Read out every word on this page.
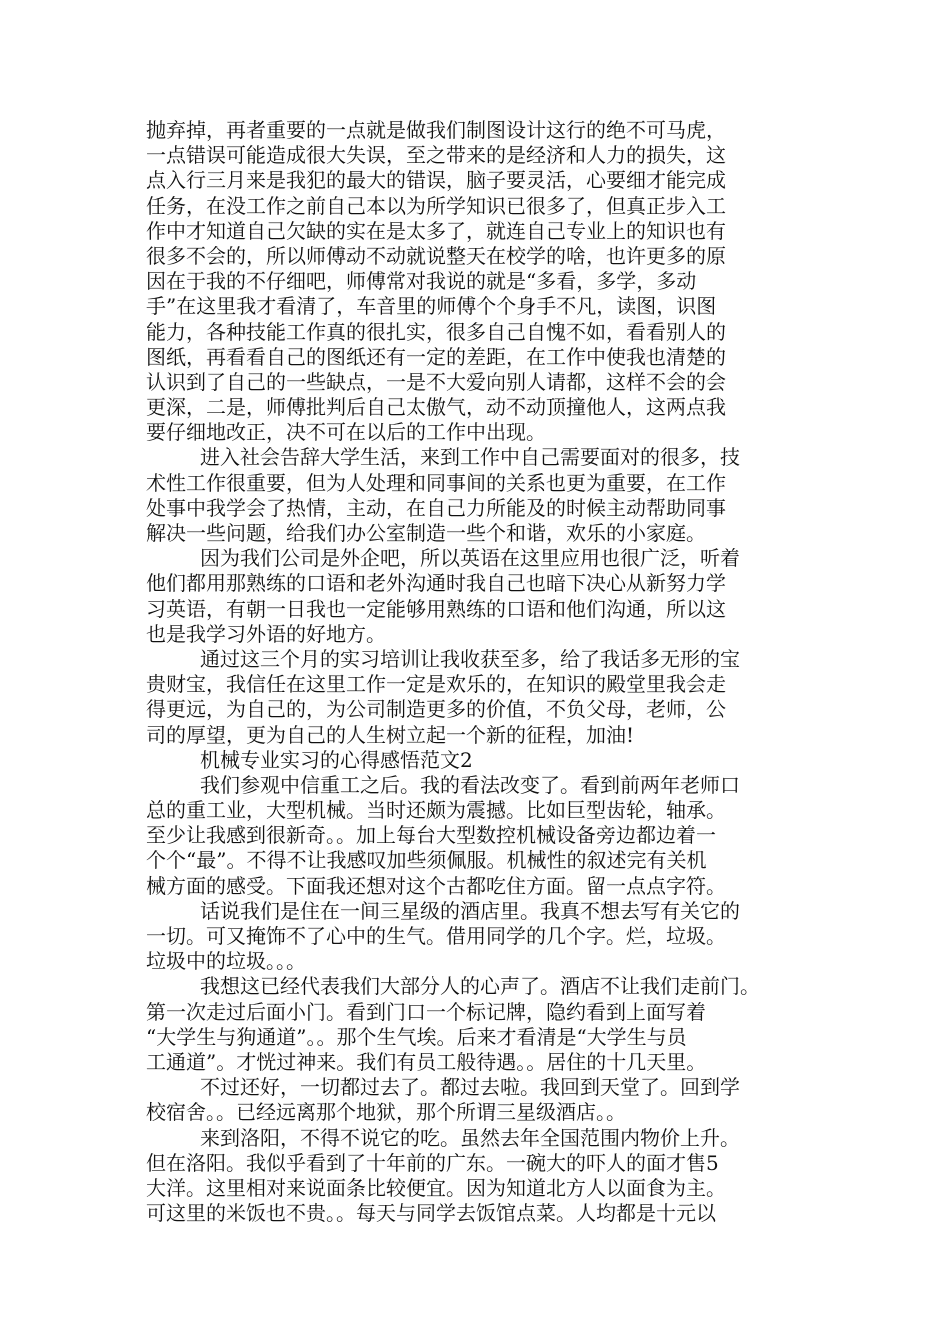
抛弃掉，再者重要的一点就是做我们制图设计这行的绝不可马虎，
一点错误可能造成很大失误，至之带来的是经济和人力的损失，这
点入行三月来是我犯的最大的错误，脑子要灵活，心要细才能完成
任务，在没工作之前自己本以为所学知识已很多了，但真正步入工
作中才知道自己欠缺的实在是太多了，就连自己专业上的知识也有
很多不会的，所以师傅动不动就说整天在校学的啥，也许更多的原
因在于我的不仔细吧，师傅常对我说的就是“多看，多学，多动
手”在这里我才看清了，车音里的师傅个个身手不凡，读图，识图
能力，各种技能工作真的很扎实，很多自己自愧不如，看看别人的
图纸，再看看自己的图纸还有一定的差距，在工作中使我也清楚的
认识到了自己的一些缺点，一是不大爱向别人请都，这样不会的会
更深，二是，师傅批判后自己太傲气，动不动顶撞他人，这两点我
要仔细地改正，决不可在以后的工作中出现。
进入社会告辞大学生活，来到工作中自己需要面对的很多，技
术性工作很重要，但为人处理和同事间的关系也更为重要，在工作
处事中我学会了热情，主动，在自己力所能及的时候主动帮助同事
解决一些问题，给我们办公室制造一些个和谐，欢乐的小家庭。
因为我们公司是外企吧，所以英语在这里应用也很广泛，听着
他们都用那熟练的口语和老外沟通时我自己也暗下决心从新努力学
习英语，有朝一日我也一定能够用熟练的口语和他们沟通，所以这
也是我学习外语的好地方。
通过这三个月的实习培训让我收获至多，给了我话多无形的宝
贵财宝，我信任在这里工作一定是欢乐的，在知识的殿堂里我会走
得更远，为自己的，为公司制造更多的价值，不负父母，老师，公
司的厚望，更为自己的人生树立起一个新的征程，加油!
机械专业实习的心得感悟范文2
我们参观中信重工之后。我的看法改变了。看到前两年老师口
总的重工业，大型机械。当时还颇为震撼。比如巨型齿轮，轴承。
至少让我感到很新奇。。加上每台大型数控机械设备旁边都边着一
个个“最”。不得不让我感叹加些须佩服。机械性的叙述完有关机
械方面的感受。下面我还想对这个古都吃住方面。留一点点字符。
话说我们是住在一间三星级的酒店里。我真不想去写有关它的
一切。可又掩饰不了心中的生气。借用同学的几个字。烂，垃圾。
垃圾中的垃圾。。。
我想这已经代表我们大部分人的心声了。酒店不让我们走前门。
第一次走过后面小门。看到门口一个标记牌，隐约看到上面写着
“大学生与狗通道”。。那个生气埃。后来才看清是“大学生与员
工通道”。才恍过神来。我们有员工般待遇。。居住的十几天里。
不过还好，一切都过去了。都过去啦。我回到天堂了。回到学
校宿舍。。已经远离那个地狱，那个所谓三星级酒店。。
来到洛阳，不得不说它的吃。虽然去年全国范围内物价上升。
但在洛阳。我似乎看到了十年前的广东。一碗大的吓人的面才售5
大洋。这里相对来说面条比较便宜。因为知道北方人以面食为主。
可这里的米饭也不贵。。每天与同学去饭馆点菜。人均都是十元以
